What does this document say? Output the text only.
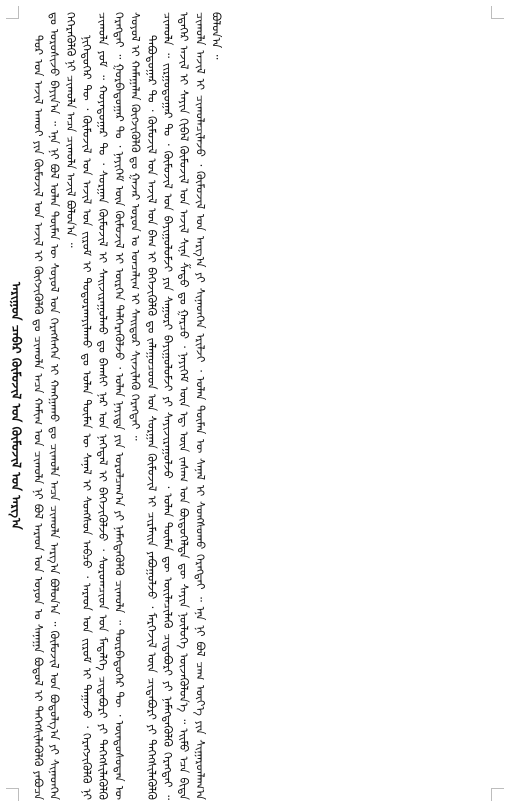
ᠠᠷᠢᠭᠤᠨ ᠴᠡᠪᠡᠷ ᠬᠦᠮᠦᠵᠢᠯ ᠤᠨ ᠬᠦᠮᠦᠵᠢᠯ ᠤᠨ ᠠᠷᠭ᠎ᠠ ᠲᠣᠷ ᠤᠨ ᠠᠵᠢᠯ ᠠᠬᠤᠢ ᠶᠢᠨ ᠬᠦᠮᠦᠵᠢᠯ ᠤᠨ ᠠᠵᠢᠯ ᠢ ᠬᠥᠭᠵᠢᠭᠦᠯᠬᠦ ᠳᠤ ᠴᠢᠬᠤᠯᠠ ᠠᠴᠠ ᠬᠠᠮᠢᠭ ᠤᠨ ᠴᠢᠬᠤᠯᠠ ᠨᠢ ᠪᠣᠯ ᠠᠷᠠᠳ ᠤᠨ ᠣᠶᠤᠨ ᠤ ᠰᠠᠨᠠᠭᠠ ᠪᠣᠳᠤᠯ ᠢ ᠳᠡᠭᠡᠭᠰᠢᠯᠡᠭᠦᠯᠬᠦ ᠶᠠᠪᠤᠴᠠ ᠳᠤ ᠣᠷᠣᠰᠢᠵᠤ ᠪᠠᠶᠢᠨ᠎ᠠ ᠃ ᠡᠨᠡ ᠨᠢ ᠪᠣᠯ ᠣᠯᠠᠨ ᠲᠥᠮᠡᠨ ᠦ ᠰᠣᠶᠣᠯ ᠤᠨ ᠬᠡᠷᠡᠭᠰᠡᠭᠡᠨ ᠢ ᠬᠠᠩᠭᠠᠬᠤ ᠳᠤ ᠴᠢᠬᠤᠯᠠ ᠠᠴᠠ ᠴᠢᠬᠤᠯᠠ ᠠᠷᠭ᠎ᠠ ᠪᠣᠯᠤᠨ᠎ᠠ ᠃ ᠬᠦᠮᠦᠵᠢᠯ ᠤᠨ ᠪᠣᠳᠤᠯᠭ᠎ᠠ ᠶᠢ ᠰᠢᠨᠡᠳᠭᠡᠨ ᠭᠡᠭᠡᠷᠡᠭᠦᠯᠬᠦ ᠨᠢ ᠴᠢᠬᠤᠯᠠ ᠠᠴᠠ ᠴᠢᠬᠤᠯᠠ ᠠᠵᠢᠯ ᠪᠣᠯᠤᠨ᠎ᠠ ᠃ ᠨᠢᠭᠡᠳᠦᠭᠡᠷ ᠲᠦ ᠂ ᠬᠦᠮᠦᠵᠢᠯ ᠤᠨ ᠠᠵᠢᠯ ᠤᠨ ᠵᠢᠷᠤᠮ ᠢ ᠲᠣᠳᠣᠷᠬᠠᠶᠢᠯᠠᠬᠤ ᠳᠤ ᠣᠯᠠᠨ ᠲᠥᠮᠡᠨ ᠦ ᠰᠠᠨᠠᠯ ᠢ ᠰᠣᠩᠰᠤᠨ ᠠᠪᠴᠤ ᠂ ᠠᠷᠠᠳ ᠤᠨ ᠵᠢᠷᠤᠮ ᠢ ᠳᠠᠭᠠᠵᠤ ᠂ ᠬᠡᠷᠡᠭᠵᠢᠭᠦᠯᠬᠦ ᠨᠢ ᠴᠢᠬᠤᠯᠠ ᠶᠤᠮ ᠃ ᠬᠣᠶᠠᠳᠤᠭᠠᠷ ᠲᠤ ᠂ ᠰᠤᠷᠭᠠᠨ ᠬᠥᠮᠦᠵᠢᠯ ᠢ ᠰᠠᠢᠵᠢᠷᠠᠭᠤᠯᠬᠤ ᠳᠤ ᠪᠠᠭᠰᠢ ᠨᠠᠷ ᠤᠨ ᠨᠡᠭᠡᠳᠡᠯ ᠢ ᠪᠡᠬᠡᠵᠢᠭᠦᠯᠵᠦ ᠂ ᠰᠤᠷᠤᠭᠴᠢᠳ ᠤᠨ ᠮᠡᠳᠡᠯᠭᠡ ᠴᠢᠳᠠᠪᠤᠷᠢ ᠶᠢ ᠳᠡᠭᠡᠭᠰᠢᠯᠡᠭᠦᠯᠬᠦ ᠬᠡᠷᠡᠭᠲᠡᠢ ᠃ ᠭᠤᠷᠪᠠᠳᠤᠭᠠᠷ ᠲᠤ ᠂ ᠨᠡᠶᠢᠭᠡᠮ ᠦᠨ ᠬᠦᠮᠦᠵᠢᠯ ᠢ ᠥᠷᠭᠡᠨ ᠳᠡᠯᠭᠡᠷᠡᠭᠦᠯᠵᠦ ᠂ ᠣᠯᠠᠨ ᠨᠡᠶᠢᠲᠡ ᠶᠢᠨ ᠣᠷᠣᠯᠴᠠᠭ᠎ᠠ ᠶᠢ ᠨᠡᠮᠡᠭᠳᠡᠭᠦᠯᠬᠦ ᠴᠢᠬᠤᠯᠠ ᠃ ᠳᠥᠷᠪᠡᠳᠦᠭᠡᠷ ᠲᠦ ᠂ ᠦᠨᠳᠦᠰᠦᠲᠡᠨ ᠦ ᠰᠣᠶᠣᠯ ᠢ ᠬᠠᠮᠠᠭᠠᠯᠠᠨ ᠬᠥᠭᠵᠢᠭᠦᠯᠬᠦ ᠳᠤ ᠭᠠᠵᠠᠷ ᠣᠷᠣᠨ ᠤ ᠣᠨᠴᠠᠯᠢᠭ ᠢ ᠰᠠᠢᠲᠤᠷ ᠰᠢᠨᠵᠢᠯᠡᠬᠦ ᠬᠡᠷᠡᠭᠲᠡᠢ ᠃ ᠲᠠᠪᠤᠳᠤᠭᠠᠷ ᠲᠤ ᠂ ᠬᠦᠮᠦᠵᠢᠯ ᠤᠨ ᠠᠵᠢᠯ ᠤᠨ ᠪᠠᠭ ᠢ ᠪᠡᠬᠡᠵᠢᠭᠦᠯᠬᠦ ᠳᠤ ᠵᠠᠯᠠᠭᠤᠴᠤᠳ ᠤᠨ ᠰᠤᠷᠭᠠᠨ ᠬᠥᠮᠦᠵᠢᠯ ᠢ ᠴᠢᠷᠮᠠᠢᠨ ᠶᠠᠪᠤᠭᠤᠯᠵᠤ ᠂ ᠮᠡᠷᠭᠡᠵᠢᠯ ᠦᠨ ᠴᠢᠳᠠᠪᠤᠷᠢ ᠶᠢ ᠳᠡᠭᠡᠭᠰᠢᠯᠡᠭᠦᠯᠬᠦ ᠴᠢᠬᠤᠯᠠ ᠃ ᠵᠢᠷᠭᠤᠳᠤᠭᠠᠷ ᠲᠤ ᠂ ᠬᠦᠮᠦᠵᠢᠯ ᠤᠨ ᠪᠠᠶᠢᠭᠤᠯᠤᠮᠵᠢ ᠶᠢᠨ ᠰᠠᠭᠤᠷᠢ ᠪᠠᠶᠢᠭᠤᠯᠤᠮᠵᠢ ᠶᠢ ᠰᠠᠶᠢᠵᠢᠷᠠᠭᠤᠯᠵᠤ ᠂ ᠣᠯᠠᠨ ᠲᠥᠮᠡᠨ ᠳᠦ ᠦᠢᠯᠡᠴᠢᠯᠡᠬᠦ ᠴᠢᠳᠠᠪᠤᠷᠢ ᠶᠢ ᠨᠡᠮᠡᠭᠳᠡᠭᠦᠯᠬᠦ ᠬᠡᠷᠡᠭᠲᠡᠢ ᠃ ᠡᠳᠡᠭᠡᠷ ᠠᠵᠢᠯ ᠢ ᠰᠠᠶᠢᠨ ᠬᠢᠪᠡᠯ ᠬᠦᠮᠦᠵᠢᠯ ᠤᠨ ᠠᠵᠢᠯ ᠰᠢᠨᠡ ᠱᠠᠲᠤ ᠳᠤ ᠭᠠᠷᠴᠤ ᠂ ᠨᠡᠶᠢᠭᠡᠮ ᠦᠨ ᠡᠳ᠋ ᠦᠨ ᠵᠠᠰᠠᠭ ᠤᠨ ᠪᠦᠲᠦᠭᠡᠯᠲᠡ ᠳᠦ ᠰᠠᠶᠢᠨ ᠨᠥᠯᠥᠭᠡ ᠦᠵᠡᠭᠦᠯᠦᠨ᠎ᠡ ᠃ ᠡᠢᠮᠦ ᠡᠴᠡ ᠪᠢᠳᠡ ᠴᠢᠬᠤᠯᠠ ᠠᠵᠢᠯ ᠢ ᠴᠢᠬᠤᠯᠠᠴᠢᠯᠠᠵᠤ ᠂ ᠬᠦᠮᠦᠵᠢᠯ ᠤᠨ ᠠᠷᠭ᠎ᠠ ᠶᠢ ᠰᠢᠨᠡᠳᠭᠡᠨ ᠡᠷᠢᠯᠵᠢ ᠂ ᠣᠯᠠᠨ ᠲᠥᠮᠡᠨ ᠦ ᠰᠠᠨᠠᠯ ᠢ ᠰᠣᠩᠰᠤᠬᠤ ᠬᠡᠷᠡᠭᠲᠡᠢ ᠃ ᠡᠨᠡ ᠨᠢ ᠪᠣᠯ ᠴᠠᠭ ᠦᠶ᠎ᠡ ᠶᠢᠨ ᠰᠢᠭᠠᠷᠳᠯᠠᠭ᠎ᠠ ᠪᠣᠯᠤᠨ᠎ᠠ ᠃
